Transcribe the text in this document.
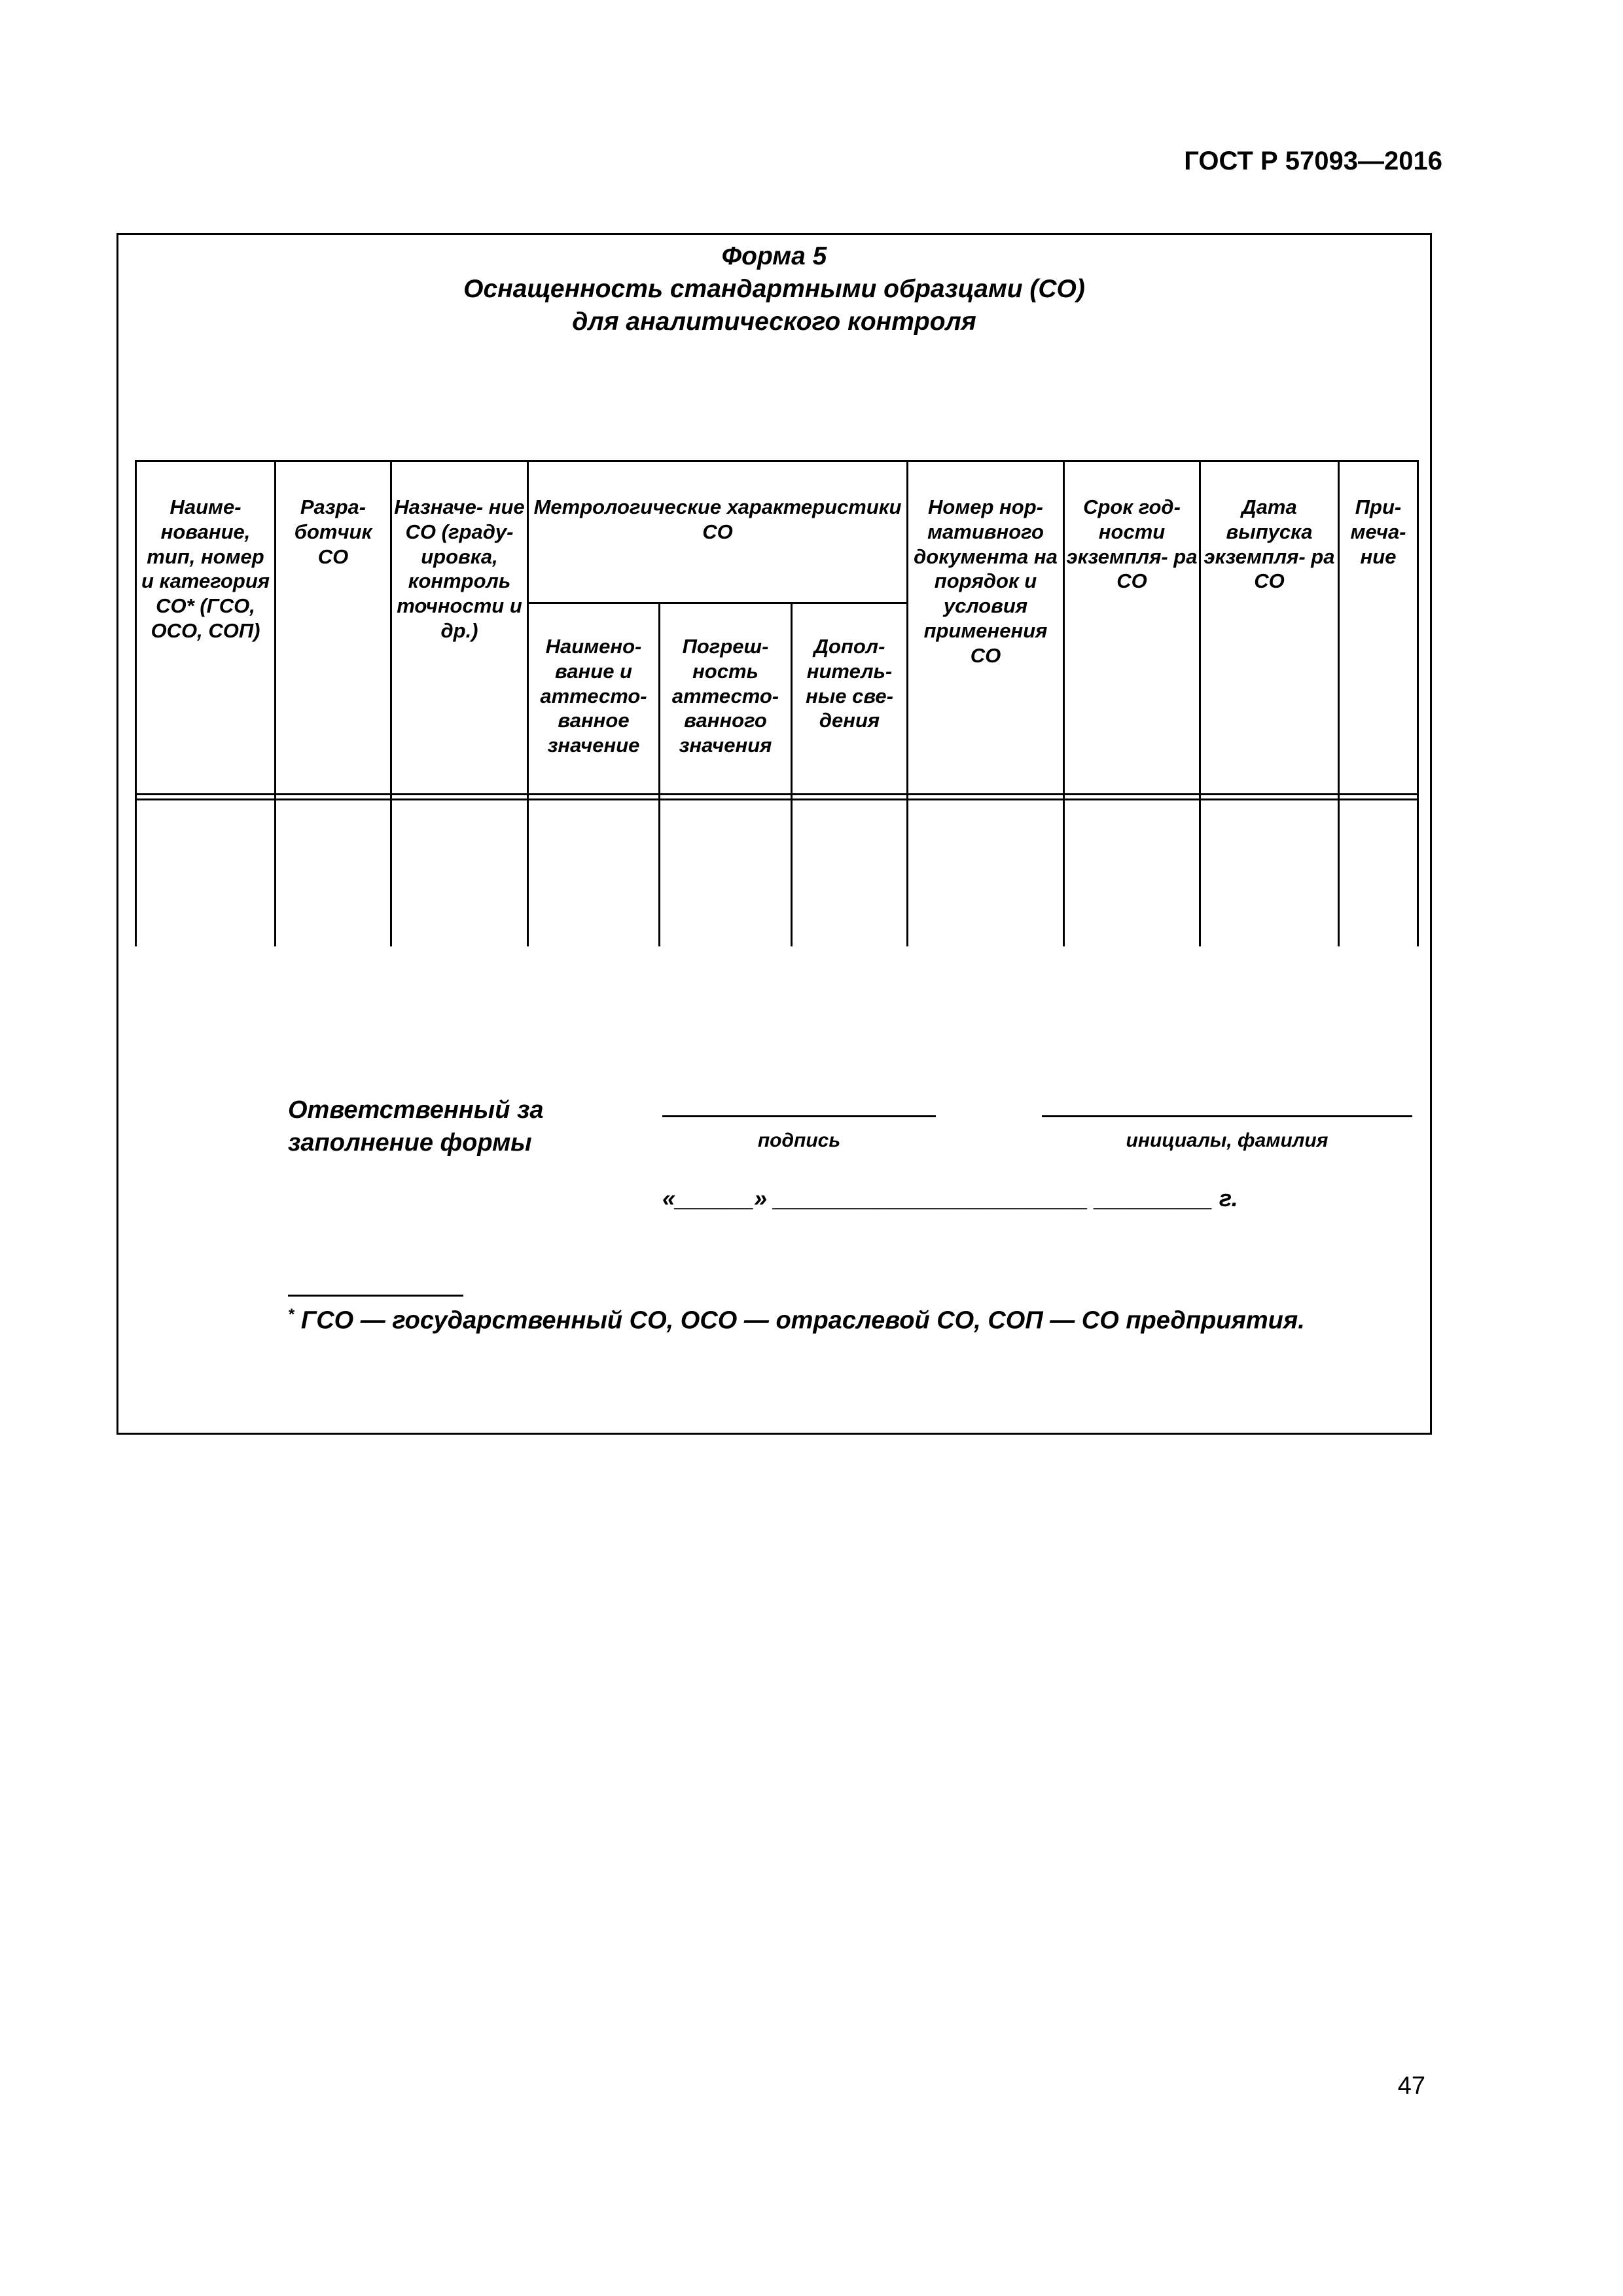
ГОСТ Р 57093—2016
Форма 5
Оснащенность стандартными образцами (СО)
для аналитического контроля
Наиме- нование, тип, номер и категория СО* (ГСО, ОСО, СОП)	Разра- ботчик СО	Назначе- ние СО (граду- ировка, контроль точности и др.)	Метрологические характеристики СО			Номер нор- мативного документа на порядок и условия применения СО	Срок год- ности экземпля- ра СО	Дата выпуска экземпля- ра СО	При- меча- ние
			Наимено- вание и аттесто- ванное значение	Погреш- ность аттесто- ванного значения	Допол- нитель- ные све- дения				

Ответственный за
заполнение формы	подпись	инициалы, фамилия
«______» ________________________ _________ г.
* ГСО — государственный СО, ОСО — отраслевой СО, СОП — СО предприятия.
47
